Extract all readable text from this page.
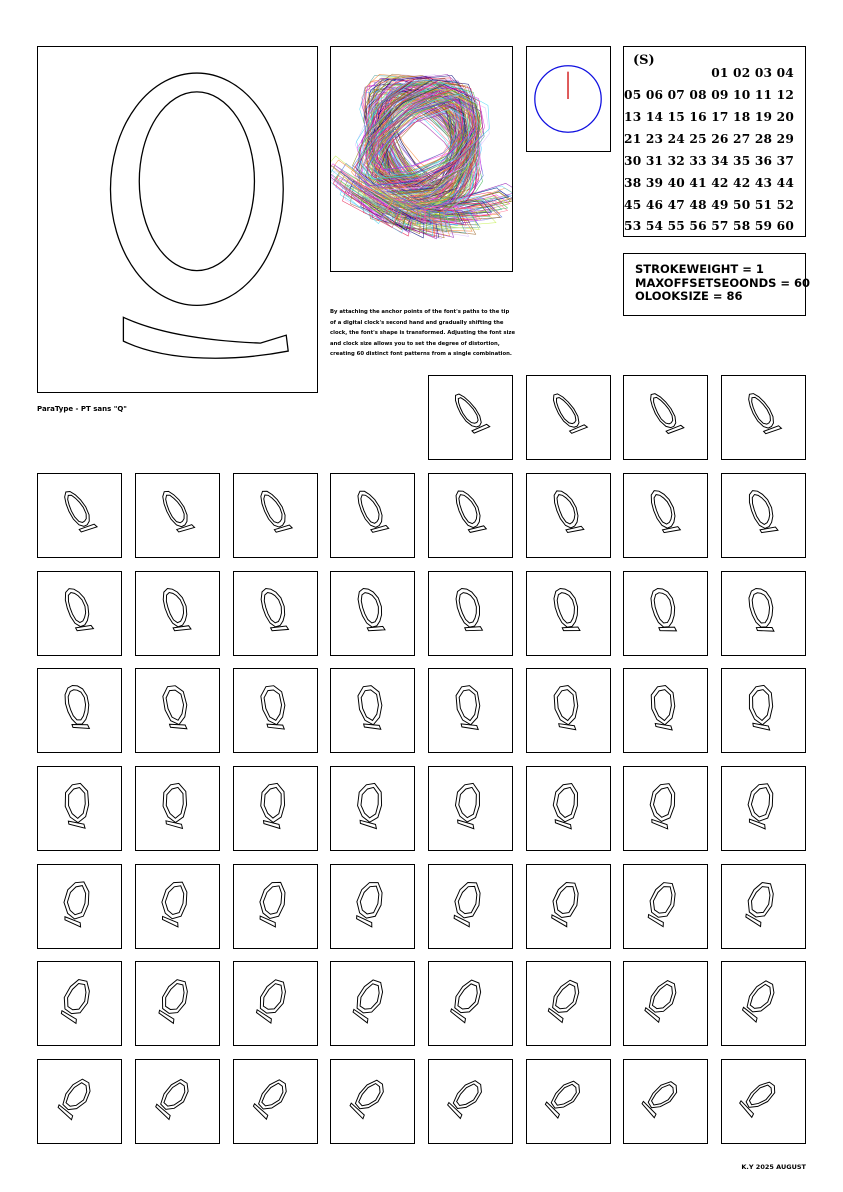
(S)
01 02 03 04
05 06 07 08 09 10 11 12
13 14 15 16 17 18 19 20
21 23 24 25 26 27 28 29
30 31 32 33 34 35 36 37
38 39 40 41 42 42 43 44
45 46 47 48 49 50 51 52
53 54 55 56 57 58 59 60
STROKEWEIGHT = 1
MAXOFFSETSEOONDS = 60
OLOOKSIZE = 86
By attaching the anchor points of the font's paths to the tip of a digital clock's second hand and gradually shifting the clock, the font's shape is transformed. Adjusting the font size and clock size allows you to set the degree of distortion, creating 60 distinct font patterns from a single combination.
ParaType - PT sans "Q"
K.Y 2025 AUGUST
